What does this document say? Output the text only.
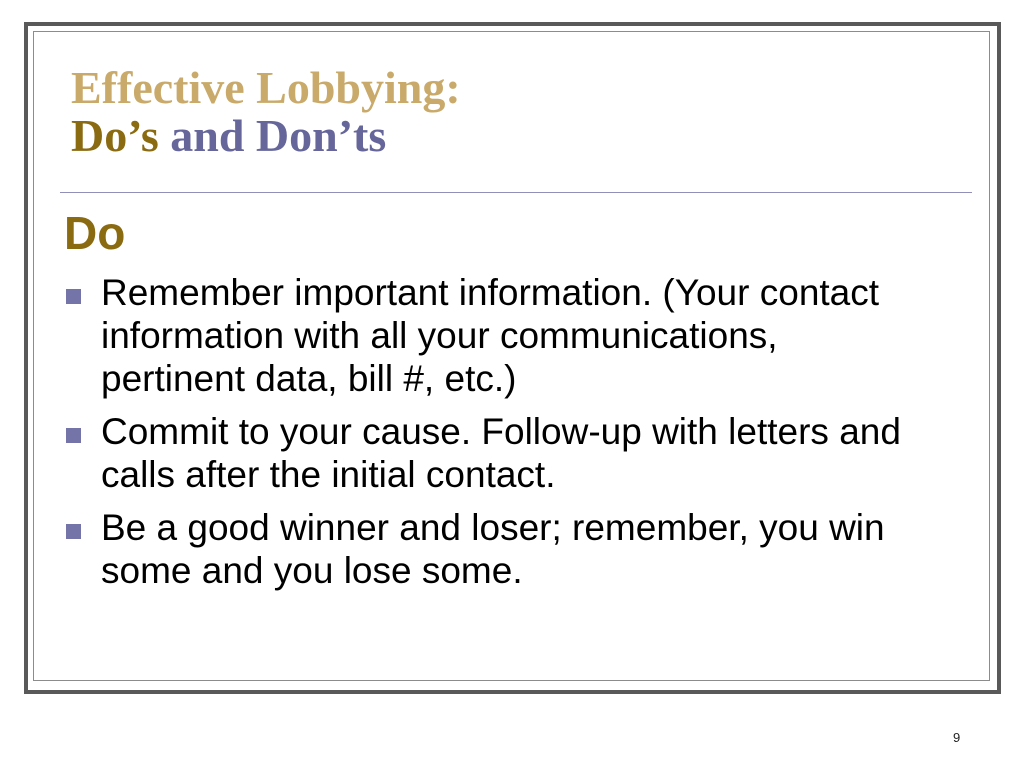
Effective Lobbying:
Do’s and Don’ts
Do
Remember important information. (Your contact information with all your communications, pertinent data, bill #, etc.)
Commit to your cause. Follow-up with letters and calls after the initial contact.
Be a good winner and loser; remember, you win some and you lose some.
9
